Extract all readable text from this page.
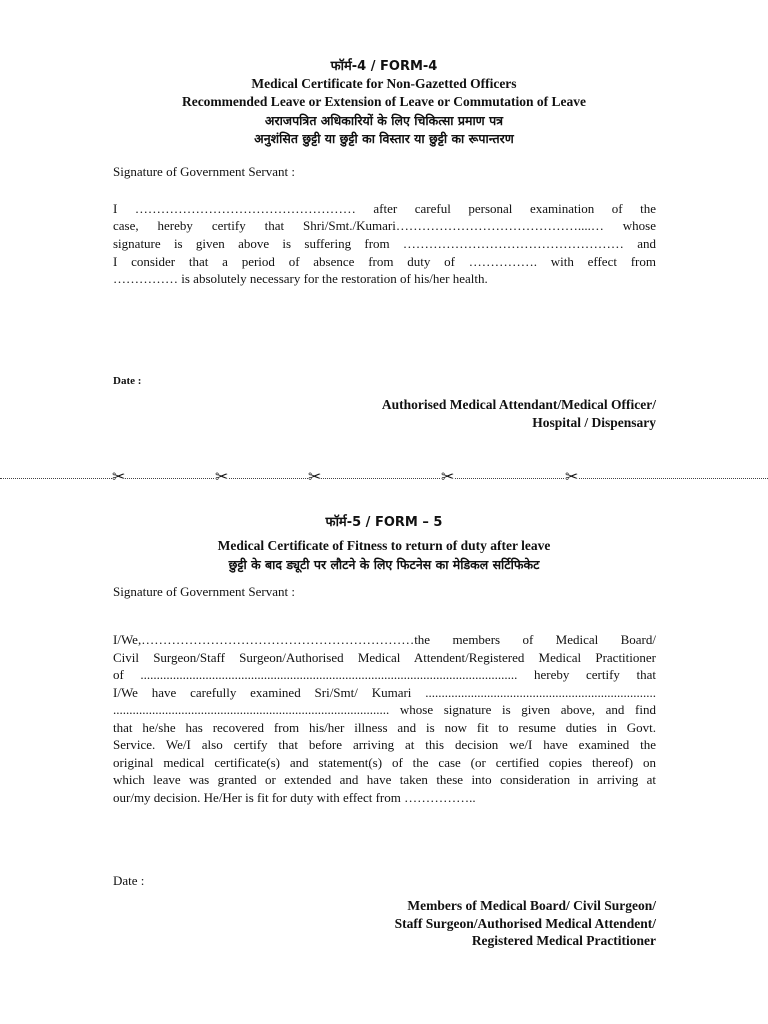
फॉर्म-4 / FORM-4
Medical Certificate for Non-Gazetted Officers
Recommended Leave or Extension of Leave or Commutation of Leave
अराजपत्रित अधिकारियों के लिए चिकित्सा प्रमाण पत्र
अनुशंसित छुट्टी या छुट्टी का विस्तार या छुट्टी का रूपान्तरण
Signature of Government Servant :
I …………………………………………… after careful personal examination of the
case, hereby certify that Shri/Smt./Kumari……………………………………....… whose
signature is given above is suffering from …………………………………………… and
I consider that a period of absence from duty of ……………. with effect from
…………… is absolutely necessary for the restoration of his/her health.
Date :
Authorised Medical Attendant/Medical Officer/
Hospital / Dispensary
✂	✂	✂	✂	✂
फॉर्म-5 / FORM – 5
Medical Certificate of Fitness to return of duty after leave
छुट्टी के बाद ड्यूटी पर लौटने के लिए फिटनेस का मेडिकल सर्टिफिकेट
Signature of Government Servant :
I/We,………………………………………………………the members of Medical Board/
Civil Surgeon/Staff Surgeon/Authorised Medical Attendent/Registered Medical Practitioner
of .................................................................................................................... hereby certify that
I/We have carefully examined Sri/Smt/ Kumari .......................................................................
..................................................................................... whose signature is given above, and find
that he/she has recovered from his/her illness and is now fit to resume duties in Govt.
Service. We/I also certify that before arriving at this decision we/I have examined the
original medical certificate(s) and statement(s) of the case (or certified copies thereof) on
which leave was granted or extended and have taken these into consideration in arriving at
our/my decision. He/Her is fit for duty with effect from ……………..
Date :
Members of Medical Board/ Civil Surgeon/
Staff Surgeon/Authorised Medical Attendent/
Registered Medical Practitioner
